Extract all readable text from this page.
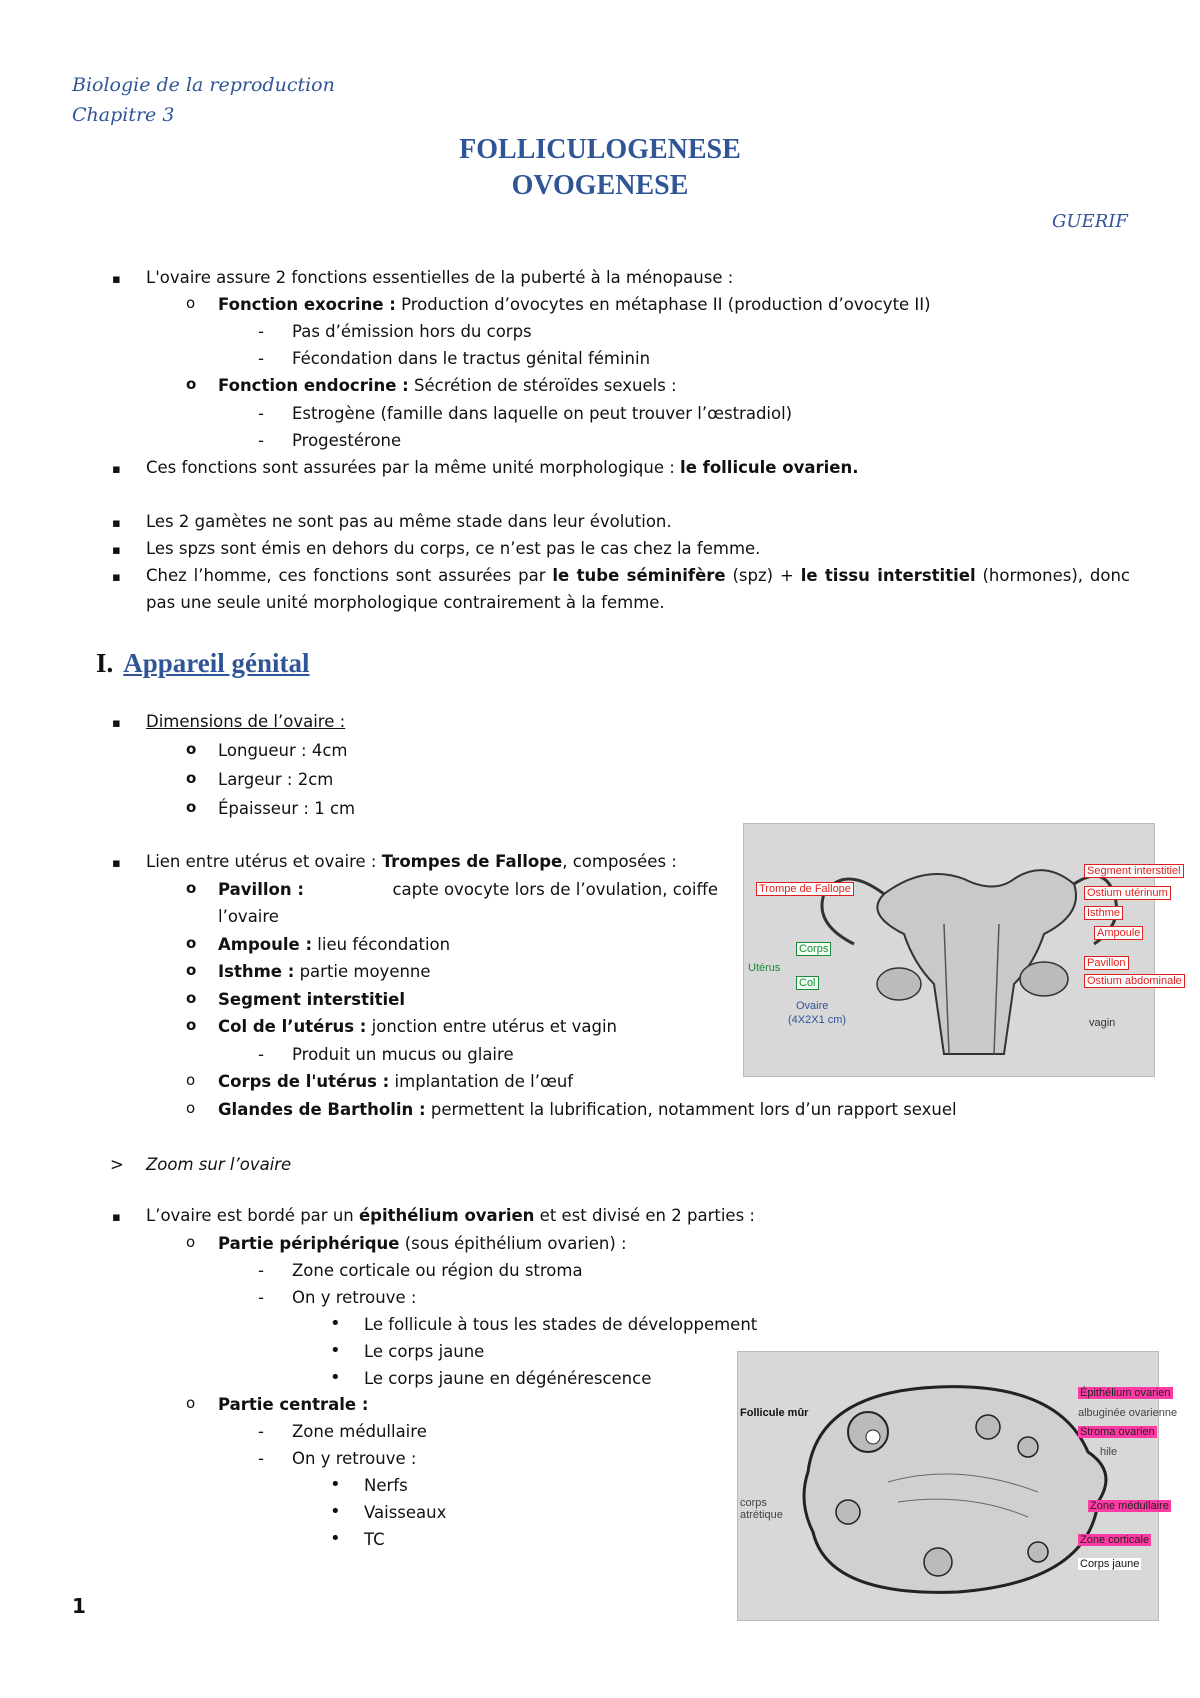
Biologie de la reproduction
Chapitre 3
FOLLICULOGENESE
OVOGENESE
GUERIF
▪ L'ovaire assure 2 fonctions essentielles de la puberté à la ménopause :
o Fonction exocrine : Production d’ovocytes en métaphase II (production d’ovocyte II)
- Pas d’émission hors du corps
- Fécondation dans le tractus génital féminin
o Fonction endocrine : Sécrétion de stéroïdes sexuels :
- Estrogène (famille dans laquelle on peut trouver l’œstradiol)
- Progestérone
▪ Ces fonctions sont assurées par la même unité morphologique : le follicule ovarien.
▪ Les 2 gamètes ne sont pas au même stade dans leur évolution.
▪ Les spzs sont émis en dehors du corps, ce n’est pas le cas chez la femme.
▪ Chez l’homme, ces fonctions sont assurées par le tube séminifère (spz) + le tissu interstitiel (hormones), donc pas une seule unité morphologique contrairement à la femme.
I. Appareil génital
▪ Dimensions de l’ovaire :
o Longueur : 4cm
o Largeur : 2cm
o Épaisseur : 1 cm
▪ Lien entre utérus et ovaire : Trompes de Fallope, composées :
o Pavillon :	capte ovocyte lors de l’ovulation, coiffe
l’ovaire
o Ampoule : lieu fécondation
o Isthme : partie moyenne
o Segment interstitiel
o Col de l’utérus : jonction entre utérus et vagin
- Produit un mucus ou glaire
o Corps de l'utérus : implantation de l’œuf
o Glandes de Bartholin : permettent la lubrification, notamment lors d’un rapport sexuel
> Zoom sur l’ovaire
▪ L’ovaire est bordé par un épithélium ovarien et est divisé en 2 parties :
o Partie périphérique (sous épithélium ovarien) :
- Zone corticale ou région du stroma
- On y retrouve :
• Le follicule à tous les stades de développement
• Le corps jaune
• Le corps jaune en dégénérescence
o Partie centrale :
- Zone médullaire
- On y retrouve :
• Nerfs
• Vaisseaux
• TC
Trompe de Fallope
Segment interstitiel
Ostium utérinum
Isthme
Ampoule
Corps
Utérus
Col
Pavillon
Ostium abdominale
Ovaire
(4X2X1 cm)	vagin
Follicule mûr
Épithélium ovarien
albuginée ovarienne
Stroma ovarien
hile
corps atrétique
Zone médullaire
Zone corticale
Corps jaune
1
